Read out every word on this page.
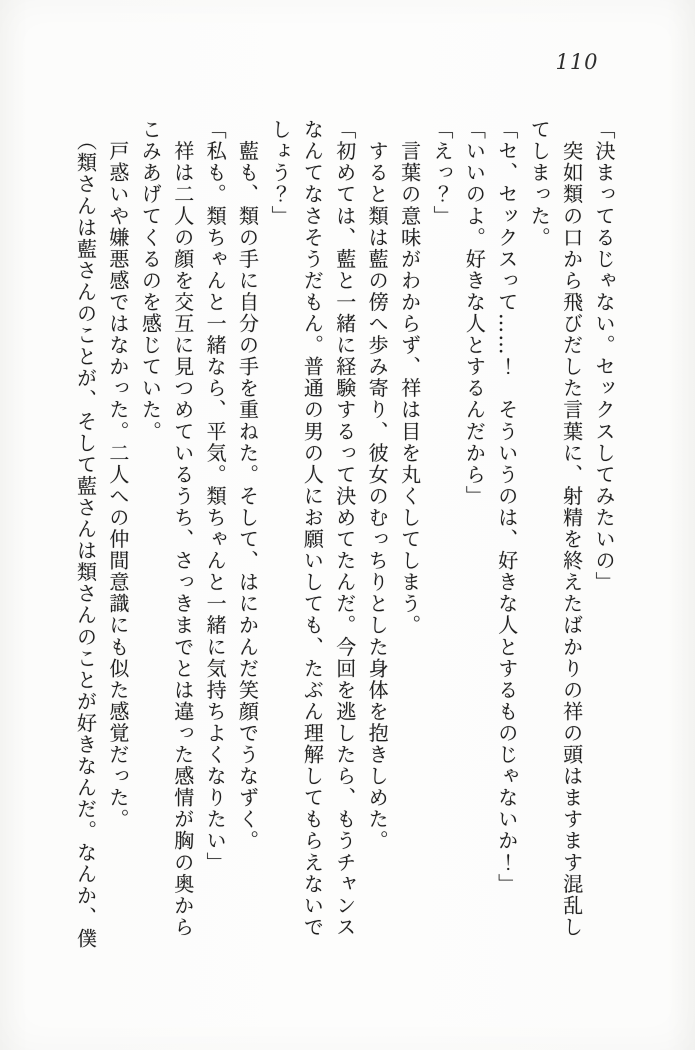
110

「決まってるじゃない。セックスしてみたいの」

　突如類の口から飛びだした言葉に、射精を終えたばかりの祥の頭はますます混乱し

てしまった。

「セ、セックスって……！　そういうのは、好きな人とするものじゃないか！」

「いいのよ。好きな人とするんだから」

「えっ？」

　言葉の意味がわからず、祥は目を丸くしてしまう。

　すると類は藍の傍へ歩み寄り、彼女のむっちりとした身体を抱きしめた。

「初めては、藍と一緒に経験するって決めてたんだ。今回を逃したら、もうチャンス

なんてなさそうだもん。普通の男の人にお願いしても、たぶん理解してもらえないで

しょう？」

　藍も、類の手に自分の手を重ねた。そして、はにかんだ笑顔でうなずく。

「私も。類ちゃんと一緒なら、平気。類ちゃんと一緒に気持ちよくなりたい」

　祥は二人の顔を交互に見つめているうち、さっきまでとは違った感情が胸の奥から

こみあげてくるのを感じていた。

　戸惑いや嫌悪感ではなかった。二人への仲間意識にも似た感覚だった。

　（類さんは藍さんのことが、そして藍さんは類さんのことが好きなんだ。なんか、僕
